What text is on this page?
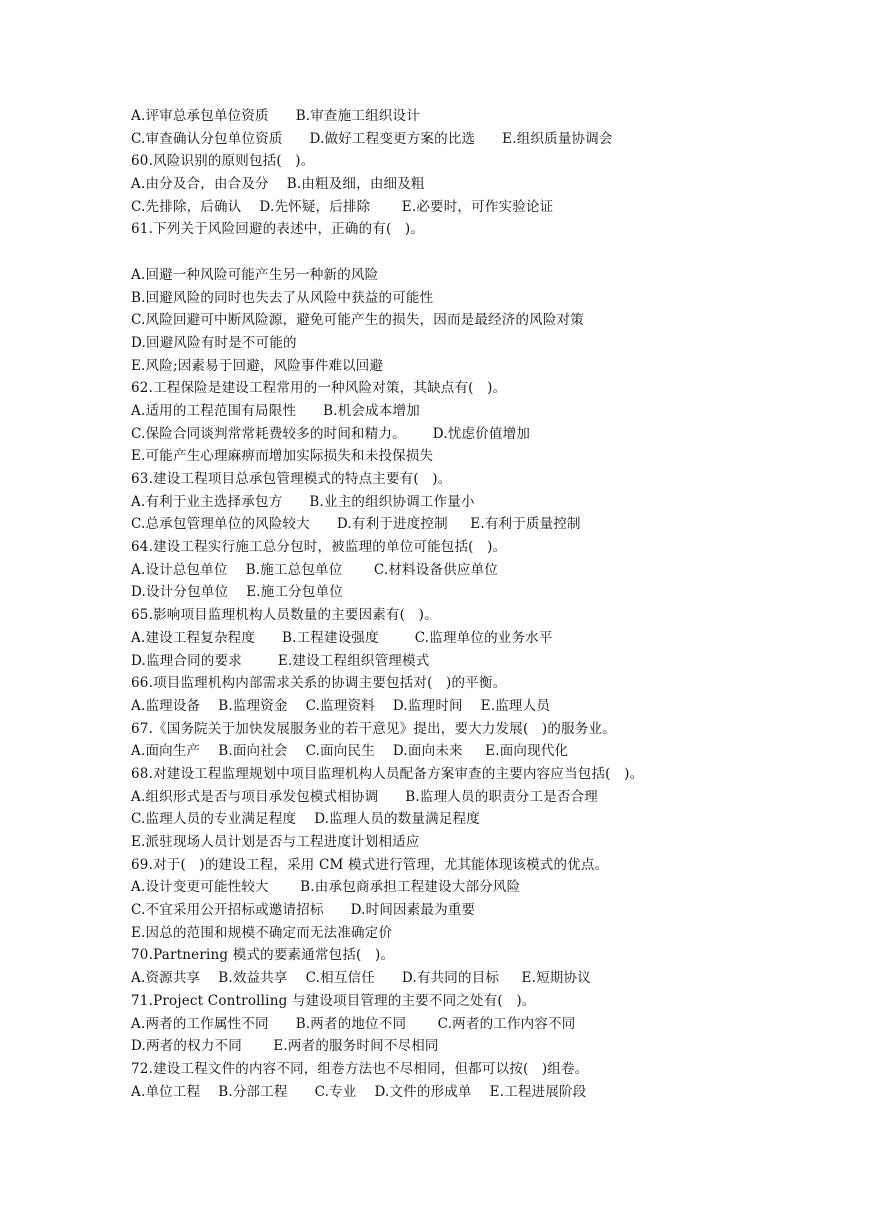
A.评审总承包单位资质      B.审查施工组织设计
C.审查确认分包单位资质      D.做好工程变更方案的比选      E.组织质量协调会
60.风险识别的原则包括(   )。
A.由分及合，由合及分    B.由粗及细，由细及粗
C.先排除，后确认    D.先怀疑，后排除       E.必要时，可作实验论证
61.下列关于风险回避的表述中，正确的有(   )。
A.回避一种风险可能产生另一种新的风险
B.回避风险的同时也失去了从风险中获益的可能性
C.风险回避可中断风险源，避免可能产生的损失，因而是最经济的风险对策
D.回避风险有时是不可能的
E.风险;因素易于回避，风险事件难以回避
62.工程保险是建设工程常用的一种风险对策，其缺点有(   )。
A.适用的工程范围有局限性      B.机会成本增加
C.保险合同谈判常常耗费较多的时间和精力。      D.忧虑价值增加
E.可能产生心理麻痹而增加实际损失和未投保损失
63.建设工程项目总承包管理模式的特点主要有(   )。
A.有利于业主选择承包方      B.业主的组织协调工作量小
C.总承包管理单位的风险较大      D.有利于进度控制     E.有利于质量控制
64.建设工程实行施工总分包时，被监理的单位可能包括(   )。
A.设计总包单位    B.施工总包单位       C.材料设备供应单位
D.设计分包单位    E.施工分包单位
65.影响项目监理机构人员数量的主要因素有(   )。
A.建设工程复杂程度      B.工程建设强度        C.监理单位的业务水平
D.监理合同的要求        E.建设工程组织管理模式
66.项目监理机构内部需求关系的协调主要包括对(   )的平衡。
A.监理设备    B.监理资金    C.监理资料    D.监理时间    E.监理人员
67.《国务院关于加快发展服务业的若干意见》提出，要大力发展(   )的服务业。
A.面向生产    B.面向社会    C.面向民生    D.面向未来     E.面向现代化
68.对建设工程监理规划中项目监理机构人员配备方案审查的主要内容应当包括(   )。
A.组织形式是否与项目承发包模式相协调      B.监理人员的职责分工是否合理
C.监理人员的专业满足程度    D.监理人员的数量满足程度
E.派驻现场人员计划是否与工程进度计划相适应
69.对于(   )的建设工程，采用 CM 模式进行管理，尤其能体现该模式的优点。
A.设计变更可能性较大       B.由承包商承担工程建设大部分风险
C.不宜采用公开招标或邀请招标      D.时间因素最为重要
E.因总的范围和规模不确定而无法准确定价
70.Partnering 模式的要素通常包括(   )。
A.资源共享    B.效益共享    C.相互信任      D.有共同的目标     E.短期协议
71.Project Controlling 与建设项目管理的主要不同之处有(   )。
A.两者的工作属性不同      B.两者的地位不同       C.两者的工作内容不同
D.两者的权力不同       E.两者的服务时间不尽相同
72.建设工程文件的内容不同，组卷方法也不尽相同，但都可以按(   )组卷。
A.单位工程    B.分部工程      C.专业    D.文件的形成单    E.工程进展阶段
